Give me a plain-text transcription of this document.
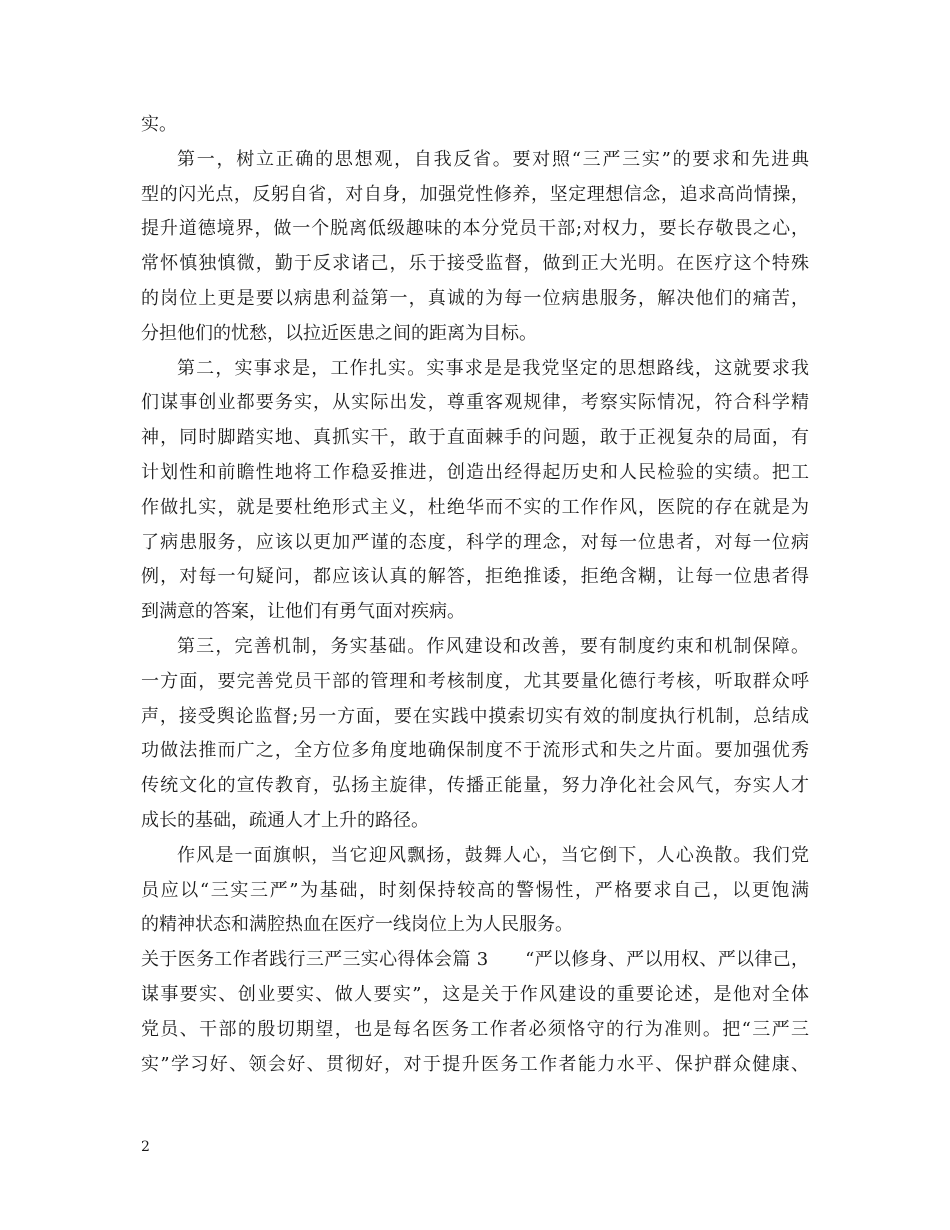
实。
第一，树立正确的思想观，自我反省。要对照“三严三实”的要求和先进典
型的闪光点，反躬自省，对自身，加强党性修养，坚定理想信念，追求高尚情操，
提升道德境界，做一个脱离低级趣味的本分党员干部;对权力，要长存敬畏之心，
常怀慎独慎微，勤于反求诸己，乐于接受监督，做到正大光明。在医疗这个特殊
的岗位上更是要以病患利益第一，真诚的为每一位病患服务，解决他们的痛苦，
分担他们的忧愁，以拉近医患之间的距离为目标。
第二，实事求是，工作扎实。实事求是是我党坚定的思想路线，这就要求我
们谋事创业都要务实，从实际出发，尊重客观规律，考察实际情况，符合科学精
神，同时脚踏实地、真抓实干，敢于直面棘手的问题，敢于正视复杂的局面，有
计划性和前瞻性地将工作稳妥推进，创造出经得起历史和人民检验的实绩。把工
作做扎实，就是要杜绝形式主义，杜绝华而不实的工作作风，医院的存在就是为
了病患服务，应该以更加严谨的态度，科学的理念，对每一位患者，对每一位病
例，对每一句疑问，都应该认真的解答，拒绝推诿，拒绝含糊，让每一位患者得
到满意的答案，让他们有勇气面对疾病。
第三，完善机制，务实基础。作风建设和改善，要有制度约束和机制保障。
一方面，要完善党员干部的管理和考核制度，尤其要量化德行考核，听取群众呼
声，接受舆论监督;另一方面，要在实践中摸索切实有效的制度执行机制，总结成
功做法推而广之，全方位多角度地确保制度不于流形式和失之片面。要加强优秀
传统文化的宣传教育，弘扬主旋律，传播正能量，努力净化社会风气，夯实人才
成长的基础，疏通人才上升的路径。
作风是一面旗帜，当它迎风飘扬，鼓舞人心，当它倒下，人心涣散。我们党
员应以“三实三严”为基础，时刻保持较高的警惕性，严格要求自己，以更饱满
的精神状态和满腔热血在医疗一线岗位上为人民服务。
关于医务工作者践行三严三实心得体会篇 3　　“严以修身、严以用权、严以律己，
谋事要实、创业要实、做人要实”，这是关于作风建设的重要论述，是他对全体
党员、干部的殷切期望，也是每名医务工作者必须恪守的行为准则。把“三严三
实”学习好、领会好、贯彻好，对于提升医务工作者能力水平、保护群众健康、
2
